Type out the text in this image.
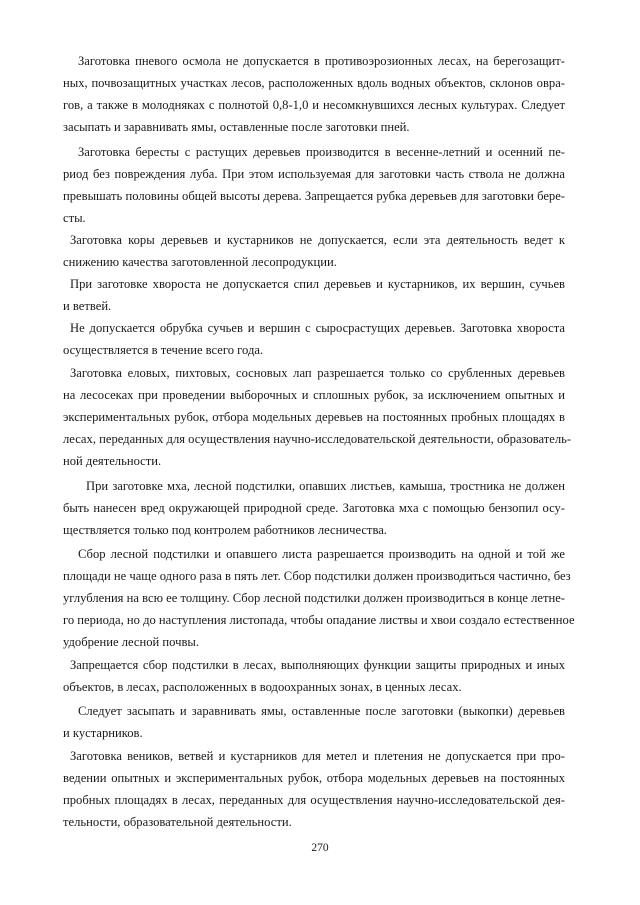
Заготовка пневого осмола не допускается в противоэрозионных лесах, на берегозащит-
ных, почвозащитных участках лесов, расположенных вдоль водных объектов, склонов овра-
гов, а также в молодняках с полнотой 0,8-1,0 и несомкнувшихся лесных культурах. Следует
засыпать и заравнивать ямы, оставленные после заготовки пней.
Заготовка бересты с растущих деревьев производится в весенне-летний и осенний пе-
риод без повреждения луба. При этом используемая для заготовки часть ствола не должна
превышать половины общей высоты дерева. Запрещается рубка деревьев для заготовки бере-
сты.
Заготовка коры деревьев и кустарников не допускается, если эта деятельность ведет к
снижению качества заготовленной лесопродукции.
При заготовке хвороста не допускается спил деревьев и кустарников, их вершин, сучьев
и ветвей.
Не допускается обрубка сучьев и вершин с сыросрастущих деревьев. Заготовка хвороста
осуществляется в течение всего года.
Заготовка еловых, пихтовых, сосновых лап разрешается только со срубленных деревьев
на лесосеках при проведении выборочных и сплошных рубок, за исключением опытных и
экспериментальных рубок, отбора модельных деревьев на постоянных пробных площадях в
лесах, переданных для осуществления научно-исследовательской деятельности, образователь-
ной деятельности.
При заготовке мха, лесной подстилки, опавших листьев, камыша, тростника не должен
быть нанесен вред окружающей природной среде. Заготовка мха с помощью бензопил осу-
ществляется только под контролем работников лесничества.
Сбор лесной подстилки и опавшего листа разрешается производить на одной и той же
площади не чаще одного раза в пять лет. Сбор подстилки должен производиться частично, без
углубления на всю ее толщину. Сбор лесной подстилки должен производиться в конце летне-
го периода, но до наступления листопада, чтобы опадание листвы и хвои создало естественное
удобрение лесной почвы.
Запрещается сбор подстилки в лесах, выполняющих функции защиты природных и иных
объектов, в лесах, расположенных в водоохранных зонах, в ценных лесах.
Следует засыпать и заравнивать ямы, оставленные после заготовки (выкопки) деревьев
и кустарников.
Заготовка веников, ветвей и кустарников для метел и плетения не допускается при про-
ведении опытных и экспериментальных рубок, отбора модельных деревьев на постоянных
пробных площадях в лесах, переданных для осуществления научно-исследовательской дея-
тельности, образовательной деятельности.
270
